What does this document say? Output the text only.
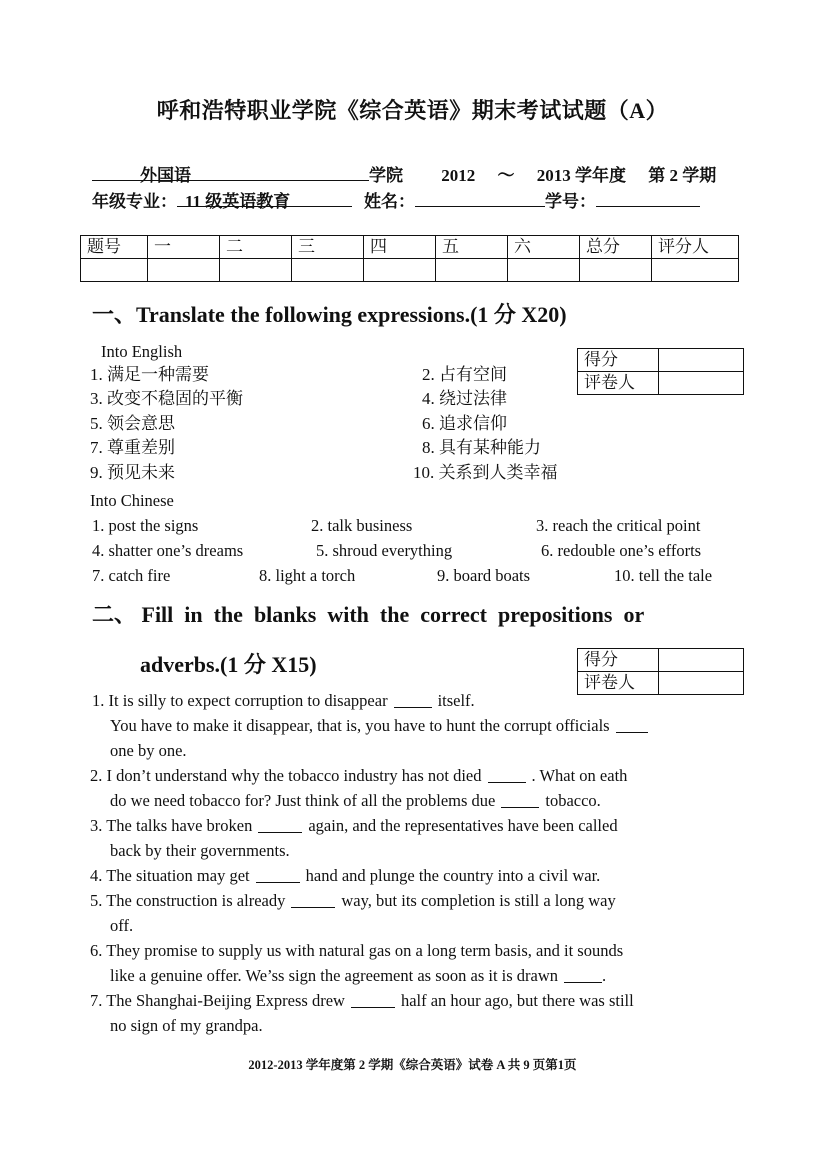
呼和浩特职业学院《综合英语》期末考试试题（A）
外国语	学院 2012 ～ 2013 学年度 第 2 学期
年级专业： 11 级英语教育	姓名：	学号：
题号	一	二	三	四	五	六	总分	评分人

一、Translate the following expressions.(1 分 X20)
得分	
评卷人	
Into English
1. 满足一种需要	2. 占有空间
3. 改变不稳固的平衡	4. 绕过法律
5. 领会意思	6. 追求信仰
7. 尊重差别	8. 具有某种能力
9. 预见未来	10. 关系到人类幸福
Into Chinese
1. post the signs	2. talk business	3. reach the critical point
4. shatter one’s dreams	5. shroud everything	6. redouble one’s efforts
7. catch fire	8. light a torch	9. board boats	10. tell the tale
二、 Fill  in  the  blanks  with  the  correct  prepositions  or
adverbs.(1 分 X15)	得分	
评卷人	
1. It is silly to expect corruption to disappear	itself.
You have to make it disappear, that is, you have to hunt the corrupt officials
one by one.
2. I don’t understand why the tobacco industry has not died	. What on eath
do we need tobacco for? Just think of all the problems due	tobacco.
3. The talks have broken	again, and the representatives have been called
back by their governments.
4. The situation may get	hand and plunge the country into a civil war.
5. The construction is already	way, but its completion is still a long way
off.
6. They promise to supply us with natural gas on a long term basis, and it sounds
like a genuine offer. We’ss sign the agreement as soon as it is drawn	.
7. The Shanghai-Beijing Express drew	half an hour ago, but there was still
no sign of my grandpa.
2012-2013 学年度第 2 学期《综合英语》试卷 A 共 9 页第1页
